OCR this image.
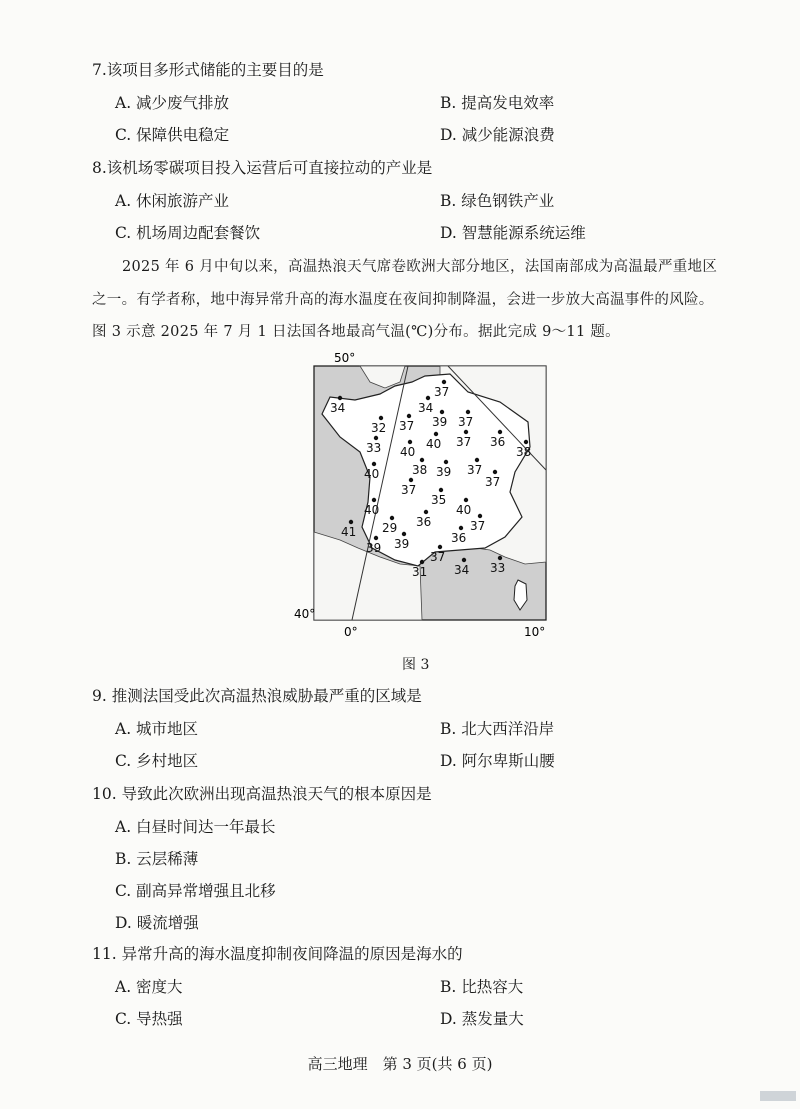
7.该项目多形式储能的主要目的是
A. 减少废气排放	B. 提高发电效率
C. 保障供电稳定	D. 减少能源浪费
8.该机场零碳项目投入运营后可直接拉动的产业是
A. 休闲旅游产业	B. 绿色钢铁产业
C. 机场周边配套餐饮	D. 智慧能源系统运维
2025 年 6 月中旬以来，高温热浪天气席卷欧洲大部分地区，法国南部成为高温最严重地区
之一。有学者称，地中海异常升高的海水温度在夜间抑制降温，会进一步放大高温事件的风险。
图 3 示意 2025 年 7 月 1 日法国各地最高气温(℃)分布。据此完成 9～11 题。
50°
40°
0°	10°
34
37
34
32 37 39 37
33 40
40 37 36
38
40	38 39 37
37
37
40
35
40
37
29 36
41
39	36
39
37
31 34 33
图 3
9. 推测法国受此次高温热浪威胁最严重的区域是
A. 城市地区	B. 北大西洋沿岸
C. 乡村地区	D. 阿尔卑斯山腰
10. 导致此次欧洲出现高温热浪天气的根本原因是
A. 白昼时间达一年最长
B. 云层稀薄
C. 副高异常增强且北移
D. 暖流增强
11. 异常升高的海水温度抑制夜间降温的原因是海水的
A. 密度大	B. 比热容大
C. 导热强	D. 蒸发量大
高三地理　第 3 页(共 6 页)
